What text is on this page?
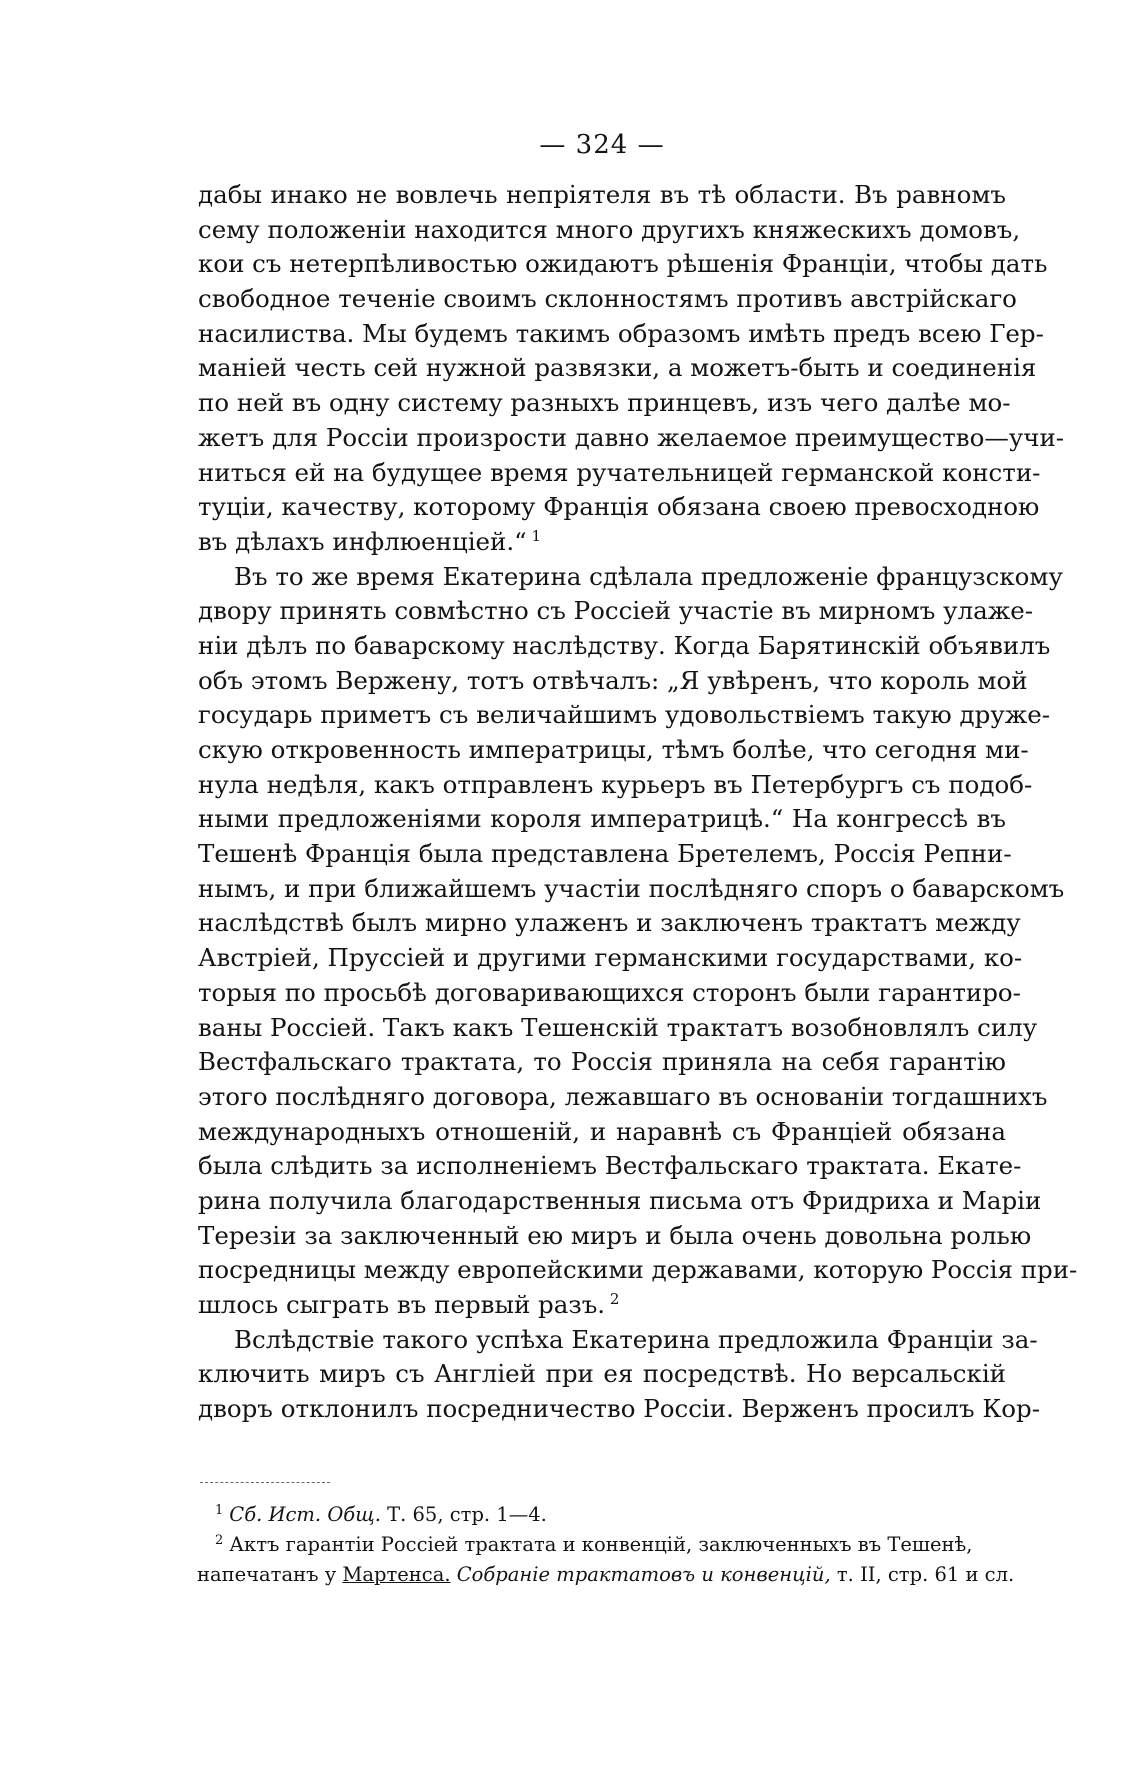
— 324 —
дабы инако не вовлечь непріятеля въ тѣ области. Въ равномъ
сему положеніи находится много другихъ княжескихъ домовъ,
кои съ нетерпѣливостью ожидаютъ рѣшенія Франціи, чтобы дать
свободное теченіе своимъ склонностямъ противъ австрійскаго
насилиства. Мы будемъ такимъ образомъ имѣть предъ всею Гер-
маніей честь сей нужной развязки, а можетъ-быть и соединенія
по ней въ одну систему разныхъ принцевъ, изъ чего далѣе мо-
жетъ для Россіи произрости давно желаемое преимущество—учи-
ниться ей на будущее время ручательницей германской консти-
туціи, качеству, которому Франція обязана своею превосходною
въ дѣлахъ инфлюенціей.“ $^1$
Въ то же время Екатерина сдѣлала предложеніе французскому
двору принять совмѣстно съ Россіей участіе въ мирномъ улаже-
ніи дѣлъ по баварскому наслѣдству. Когда Барятинскій объявилъ
объ этомъ Вержену, тотъ отвѣчалъ: „Я увѣренъ, что король мой
государь приметъ съ величайшимъ удовольствіемъ такую друже-
скую откровенность императрицы, тѣмъ болѣе, что сегодня ми-
нула недѣля, какъ отправленъ курьеръ въ Петербургъ съ подоб-
ными предложеніями короля императрицѣ.“ На конгрессѣ въ
Тешенѣ Франція была представлена Бретелемъ, Россія Репни-
нымъ, и при ближайшемъ участіи послѣдняго споръ о баварскомъ
наслѣдствѣ былъ мирно улаженъ и заключенъ трактатъ между
Австріей, Пруссіей и другими германскими государствами, ко-
торыя по просьбѣ договаривающихся сторонъ были гарантиро-
ваны Россіей. Такъ какъ Тешенскій трактатъ возобновлялъ силу
Вестфальскаго трактата, то Россія приняла на себя гарантію
этого послѣдняго договора, лежавшаго въ основаніи тогдашнихъ
международныхъ отношеній, и наравнѣ съ Франціей обязана
была слѣдить за исполненіемъ Вестфальскаго трактата. Екате-
рина получила благодарственныя письма отъ Фридриха и Маріи
Терезіи за заключенный ею миръ и была очень довольна ролью
посредницы между европейскими державами, которую Россія при-
шлось сыграть въ первый разъ. $^2$
Вслѣдствіе такого успѣха Екатерина предложила Франціи за-
ключить миръ съ Англіей при ея посредствѣ. Но версальскій
дворъ отклонилъ посредничество Россіи. Верженъ просилъ Кор-
$^1$ Сб. Ист. Общ. Т. 65, стр. 1—4.
$^2$ Актъ гарантіи Россіей трактата и конвенцій, заключенныхъ въ Тешенѣ,
напечатанъ у Мартенса. Собраніе трактатовъ и конвенцій, т. II, стр. 61 и сл.
